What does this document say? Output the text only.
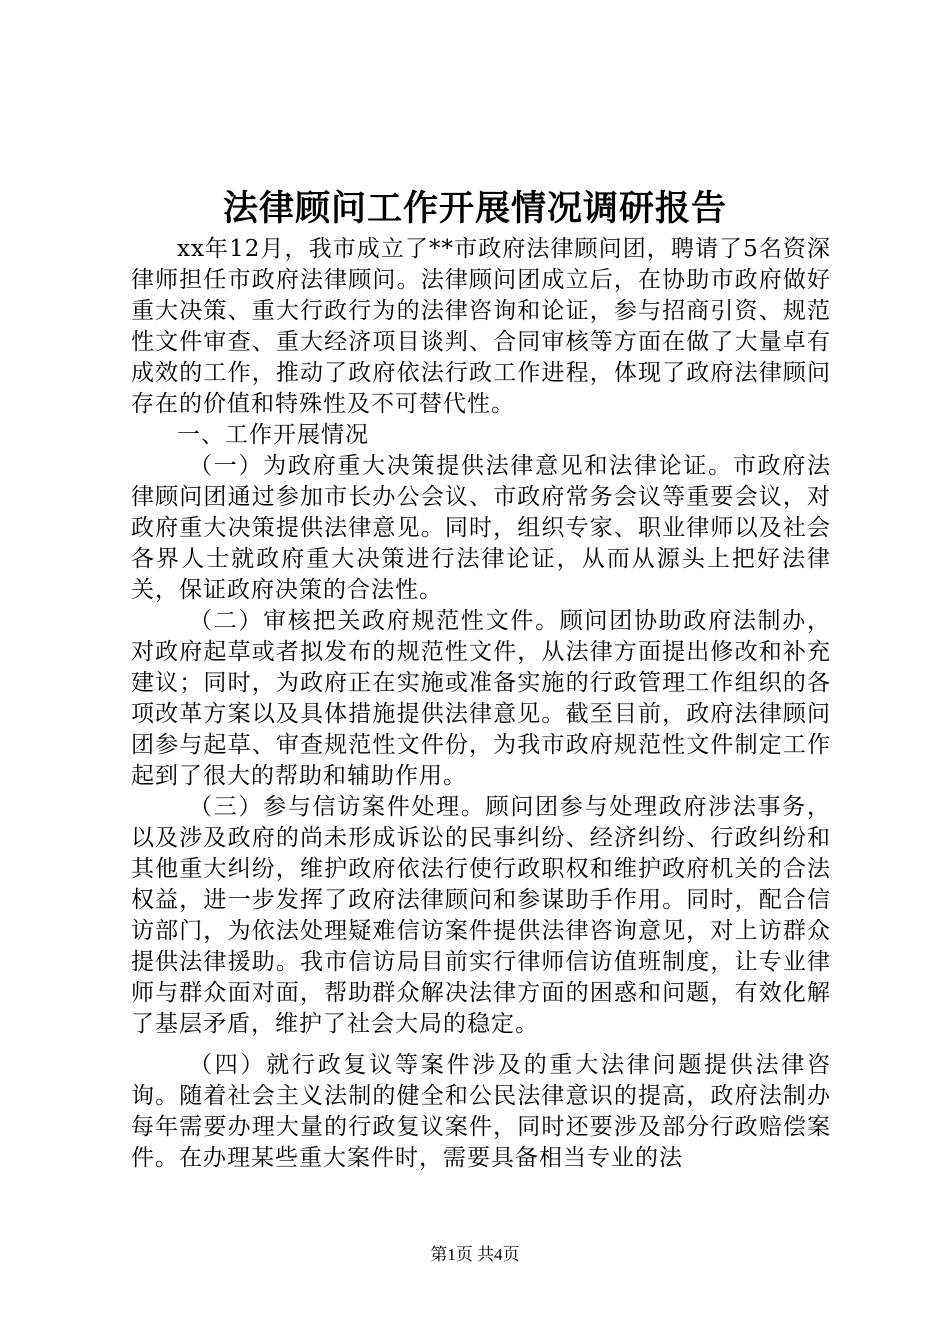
法律顾问工作开展情况调研报告

xx年12月，我市成立了**市政府法律顾问团，聘请了5名资深律师担任市政府法律顾问。法律顾问团成立后，在协助市政府做好重大决策、重大行政行为的法律咨询和论证，参与招商引资、规范性文件审查、重大经济项目谈判、合同审核等方面在做了大量卓有成效的工作，推动了政府依法行政工作进程，体现了政府法律顾问存在的价值和特殊性及不可替代性。

一、工作开展情况

（一）为政府重大决策提供法律意见和法律论证。市政府法律顾问团通过参加市长办公会议、市政府常务会议等重要会议，对政府重大决策提供法律意见。同时，组织专家、职业律师以及社会各界人士就政府重大决策进行法律论证，从而从源头上把好法律关，保证政府决策的合法性。

（二）审核把关政府规范性文件。顾问团协助政府法制办，对政府起草或者拟发布的规范性文件，从法律方面提出修改和补充建议；同时，为政府正在实施或准备实施的行政管理工作组织的各项改革方案以及具体措施提供法律意见。截至目前，政府法律顾问团参与起草、审查规范性文件份，为我市政府规范性文件制定工作起到了很大的帮助和辅助作用。

（三）参与信访案件处理。顾问团参与处理政府涉法事务，以及涉及政府的尚未形成诉讼的民事纠纷、经济纠纷、行政纠纷和其他重大纠纷，维护政府依法行使行政职权和维护政府机关的合法权益，进一步发挥了政府法律顾问和参谋助手作用。同时，配合信访部门，为依法处理疑难信访案件提供法律咨询意见，对上访群众提供法律援助。我市信访局目前实行律师信访值班制度，让专业律师与群众面对面，帮助群众解决法律方面的困惑和问题，有效化解了基层矛盾，维护了社会大局的稳定。

（四）就行政复议等案件涉及的重大法律问题提供法律咨询。随着社会主义法制的健全和公民法律意识的提高，政府法制办每年需要办理大量的行政复议案件，同时还要涉及部分行政赔偿案件。在办理某些重大案件时，需要具备相当专业的法

第1页 共4页
